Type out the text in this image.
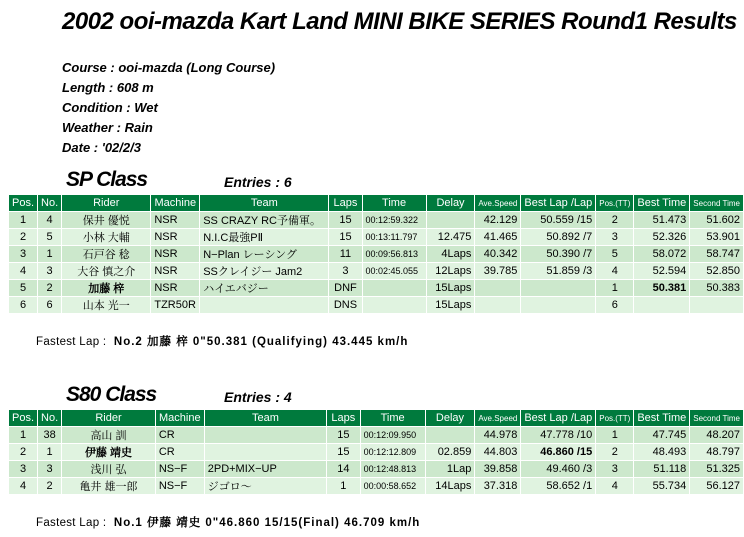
2002 ooi-mazda Kart Land MINI BIKE SERIES Round1 Results
Course : ooi-mazda (Long Course)
Length : 608 m
Condition : Wet
Weather : Rain
Date : '02/2/3
SP Class	Entries : 6
Pos.	No.	Rider	Machine	Team	Laps	Time	Delay	Ave.Speed	Best Lap /Lap	Pos.(TT)	Best Time	Second Time
1	4	保井 優悦	NSR	SS CRAZY RC予備軍。	15	00:12:59.322		42.129	50.559 /15	2	51.473	51.602
2	5	小林 大輔	NSR	N.I.C最強PⅡ	15	00:13:11.797	12.475	41.465	50.892 /7	3	52.326	53.901
3	1	石戸谷 稔	NSR	N−Plan レーシング	11	00:09:56.813	4Laps	40.342	50.390 /7	5	58.072	58.747
4	3	大谷 慎之介	NSR	SSクレイジー Jam2	3	00:02:45.055	12Laps	39.785	51.859 /3	4	52.594	52.850
5	2	加藤 梓	NSR	ハイエバジー	DNF		15Laps			1	50.381	50.383
6	6	山本 光一	TZR50R		DNS		15Laps			6		
Fastest Lap : No.2 加藤 梓 0"50.381 (Qualifying) 43.445 km/h
S80 Class	Entries : 4
Pos.	No.	Rider	Machine	Team	Laps	Time	Delay	Ave.Speed	Best Lap /Lap	Pos.(TT)	Best Time	Second Time
1	38	高山 訓	CR		15	00:12:09.950		44.978	47.778 /10	1	47.745	48.207
2	1	伊藤 靖史	CR		15	00:12:12.809	02.859	44.803	46.860 /15	2	48.493	48.797
3	3	浅川 弘	NS−F	2PD+MIX−UP	14	00:12:48.813	1Lap	39.858	49.460 /3	3	51.118	51.325
4	2	亀井 雄一郎	NS−F	ジゴロ〜	1	00:00:58.652	14Laps	37.318	58.652 /1	4	55.734	56.127
Fastest Lap : No.1 伊藤 靖史 0"46.860 15/15(Final) 46.709 km/h
